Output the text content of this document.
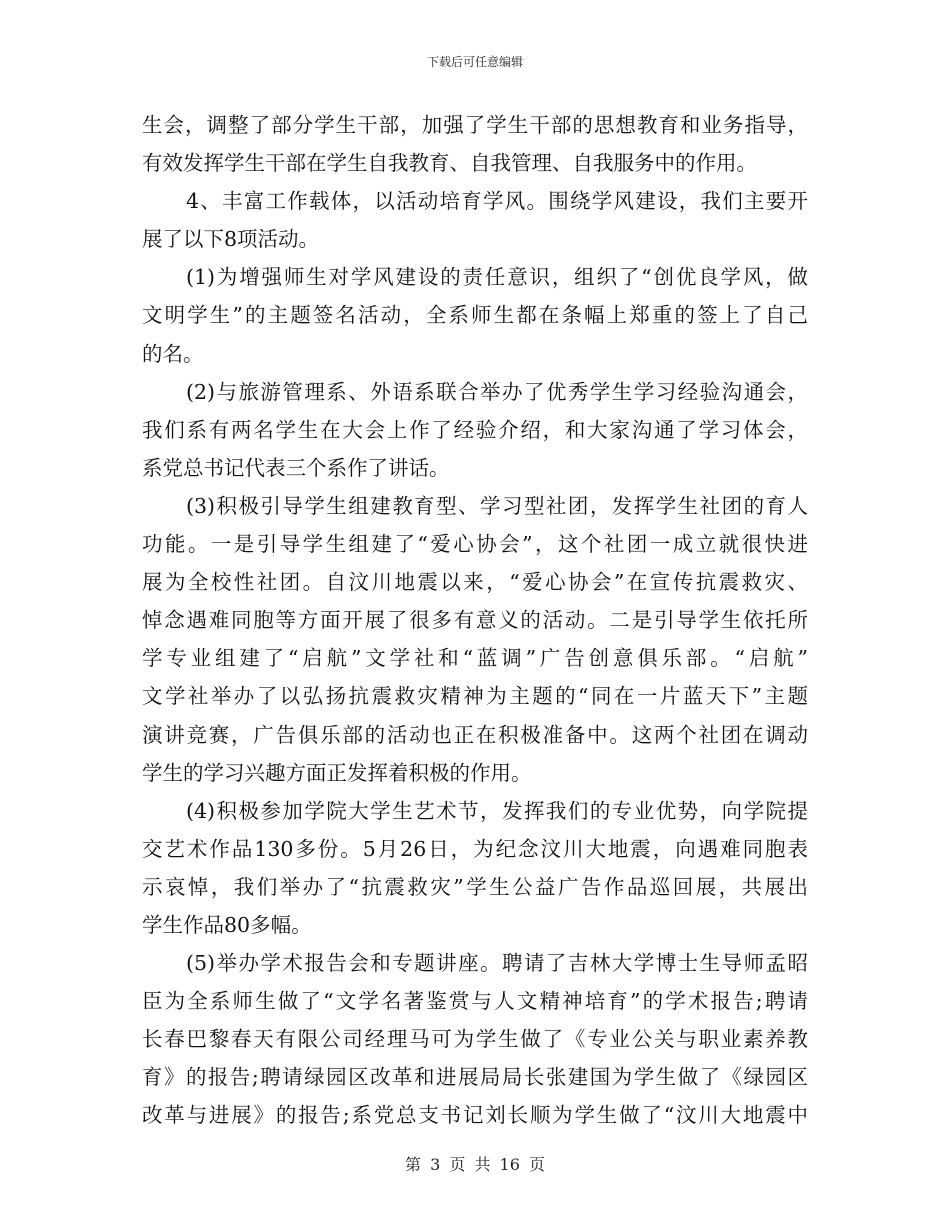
下载后可任意编辑
生会，调整了部分学生干部，加强了学生干部的思想教育和业务指导，
有效发挥学生干部在学生自我教育、自我管理、自我服务中的作用。
4、丰富工作载体，以活动培育学风。围绕学风建设，我们主要开
展了以下8项活动。
(1)为增强师生对学风建设的责任意识，组织了“创优良学风，做
文明学生”的主题签名活动，全系师生都在条幅上郑重的签上了自己
的名。
(2)与旅游管理系、外语系联合举办了优秀学生学习经验沟通会，
我们系有两名学生在大会上作了经验介绍，和大家沟通了学习体会，
系党总书记代表三个系作了讲话。
(3)积极引导学生组建教育型、学习型社团，发挥学生社团的育人
功能。一是引导学生组建了“爱心协会”，这个社团一成立就很快进
展为全校性社团。自汶川地震以来，“爱心协会”在宣传抗震救灾、
悼念遇难同胞等方面开展了很多有意义的活动。二是引导学生依托所
学专业组建了“启航”文学社和“蓝调”广告创意俱乐部。“启航”
文学社举办了以弘扬抗震救灾精神为主题的“同在一片蓝天下”主题
演讲竞赛，广告俱乐部的活动也正在积极准备中。这两个社团在调动
学生的学习兴趣方面正发挥着积极的作用。
(4)积极参加学院大学生艺术节，发挥我们的专业优势，向学院提
交艺术作品130多份。5月26日，为纪念汶川大地震，向遇难同胞表
示哀悼，我们举办了“抗震救灾”学生公益广告作品巡回展，共展出
学生作品80多幅。
(5)举办学术报告会和专题讲座。聘请了吉林大学博士生导师孟昭
臣为全系师生做了“文学名著鉴赏与人文精神培育”的学术报告;聘请
长春巴黎春天有限公司经理马可为学生做了《专业公关与职业素养教
育》的报告;聘请绿园区改革和进展局局长张建国为学生做了《绿园区
改革与进展》的报告;系党总支书记刘长顺为学生做了“汶川大地震中
第 3 页 共 16 页
